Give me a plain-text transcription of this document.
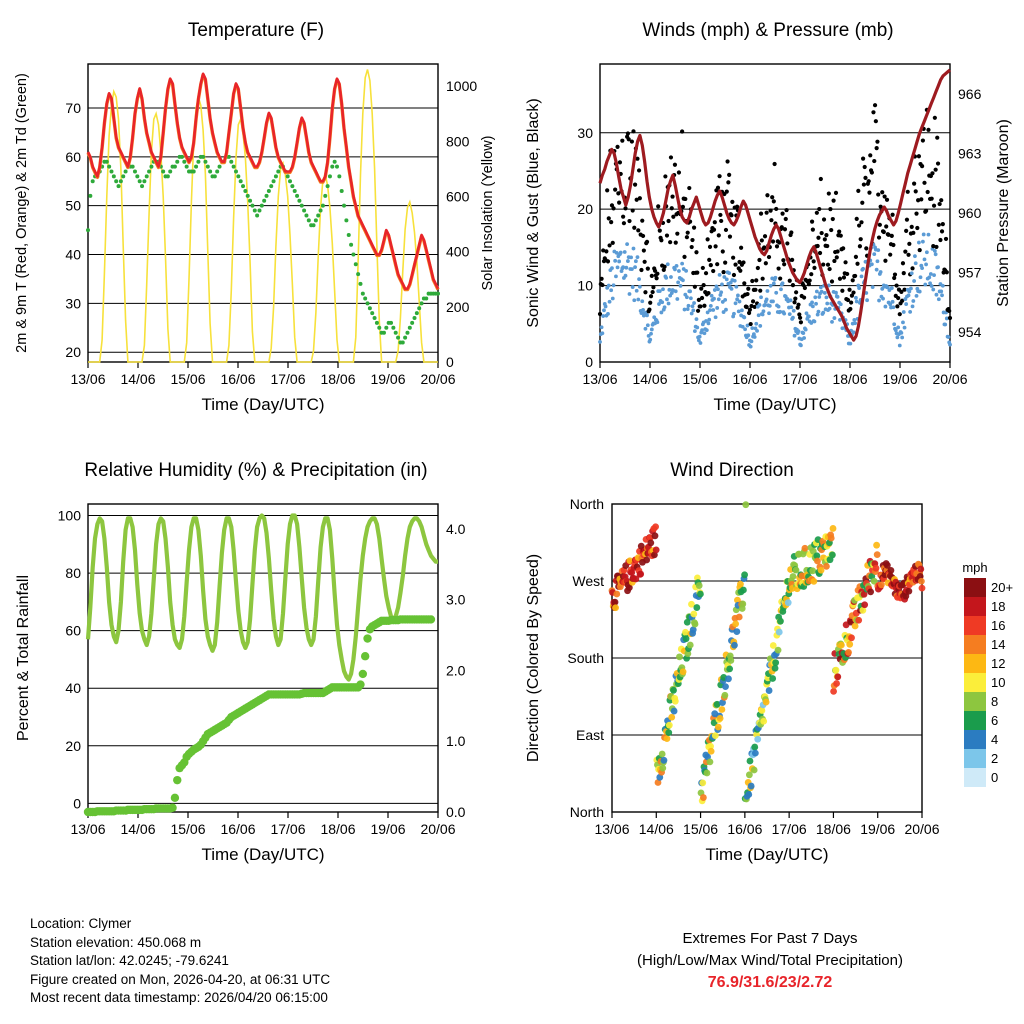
Temperature (F)
20
30
40
50
60
70
0
200
400
600
800
1000
13/06 14/06 15/06 16/06 17/06 18/06 19/06 20/06
2m & 9m T (Red, Orange) & 2m Td (Green)	Solar Insolation (Yellow)
Time (Day/UTC)
Winds (mph) & Pressure (mb)
0
10
20
30
954
957
960
963
966
13/06 14/06 15/06 16/06 17/06 18/06 19/06 20/06
Sonic Wind & Gust (Blue, Black)	Station Pressure (Maroon)
Time (Day/UTC)
Relative Humidity (%) & Precipitation (in)
0
20
40
60
80
100
0.0
1.0
2.0
3.0
4.0
13/06 14/06 15/06 16/06 17/06 18/06 19/06 20/06
Percent & Total Rainfall
Time (Day/UTC)
Wind Direction
North
East
South
West
North
13/06 14/06 15/06 16/06 17/06 18/06 19/06 20/06
Direction (Colored By Speed)
Time (Day/UTC)
mph
20+
18
16
14
12
10
8
6
4
2
0
Location: Clymer
Station elevation: 450.068 m
Station lat/lon: 42.0245; -79.6241
Figure created on Mon, 2026-04-20, at 06:31 UTC
Most recent data timestamp: 2026/04/20 06:15:00
Extremes For Past 7 Days
(High/Low/Max Wind/Total Precipitation)
76.9/31.6/23/2.72
